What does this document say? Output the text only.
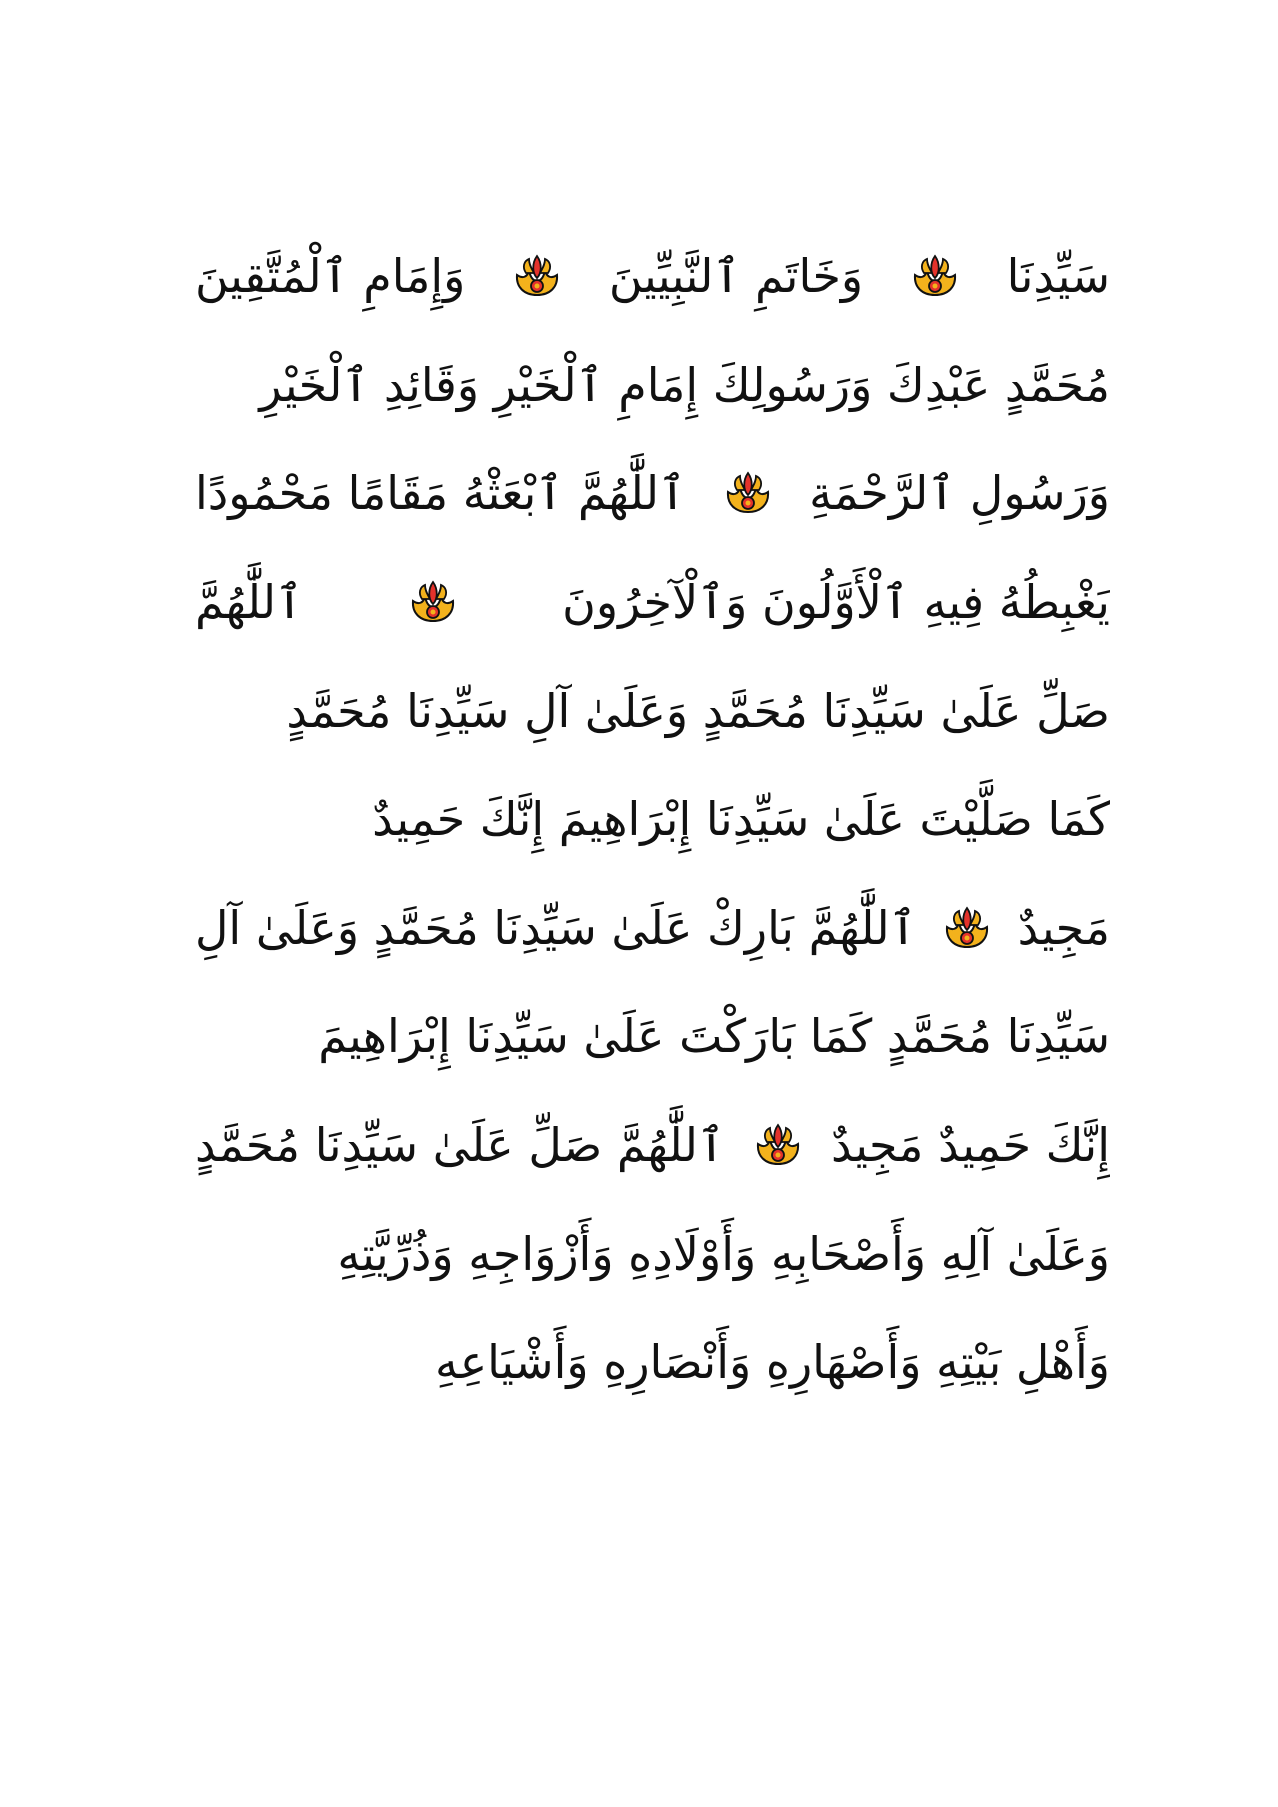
سَيِّدِنَا
وَخَاتَمِ ٱلنَّبِيِّينَ
وَإِمَامِ ٱلْمُتَّقِينَ
مُحَمَّدٍ عَبْدِكَ وَرَسُولِكَ إِمَامِ ٱلْخَيْرِ وَقَائِدِ ٱلْخَيْرِ
وَرَسُولِ ٱلرَّحْمَةِ
ٱللَّٰهُمَّ ٱبْعَثْهُ مَقَامًا مَحْمُودًا
يَغْبِطُهُ فِيهِ ٱلْأَوَّلُونَ وَٱلْآخِرُونَ
ٱللَّٰهُمَّ
صَلِّ عَلَىٰ سَيِّدِنَا مُحَمَّدٍ وَعَلَىٰ آلِ سَيِّدِنَا مُحَمَّدٍ
كَمَا صَلَّيْتَ عَلَىٰ سَيِّدِنَا إِبْرَاهِيمَ إِنَّكَ حَمِيدٌ
مَجِيدٌ
ٱللَّٰهُمَّ بَارِكْ عَلَىٰ سَيِّدِنَا مُحَمَّدٍ وَعَلَىٰ آلِ
سَيِّدِنَا مُحَمَّدٍ كَمَا بَارَكْتَ عَلَىٰ سَيِّدِنَا إِبْرَاهِيمَ
إِنَّكَ حَمِيدٌ مَجِيدٌ
ٱللَّٰهُمَّ صَلِّ عَلَىٰ سَيِّدِنَا مُحَمَّدٍ
وَعَلَىٰ آلِهِ وَأَصْحَابِهِ وَأَوْلَادِهِ وَأَزْوَاجِهِ وَذُرِّيَّتِهِ
وَأَهْلِ بَيْتِهِ وَأَصْهَارِهِ وَأَنْصَارِهِ وَأَشْيَاعِهِ
